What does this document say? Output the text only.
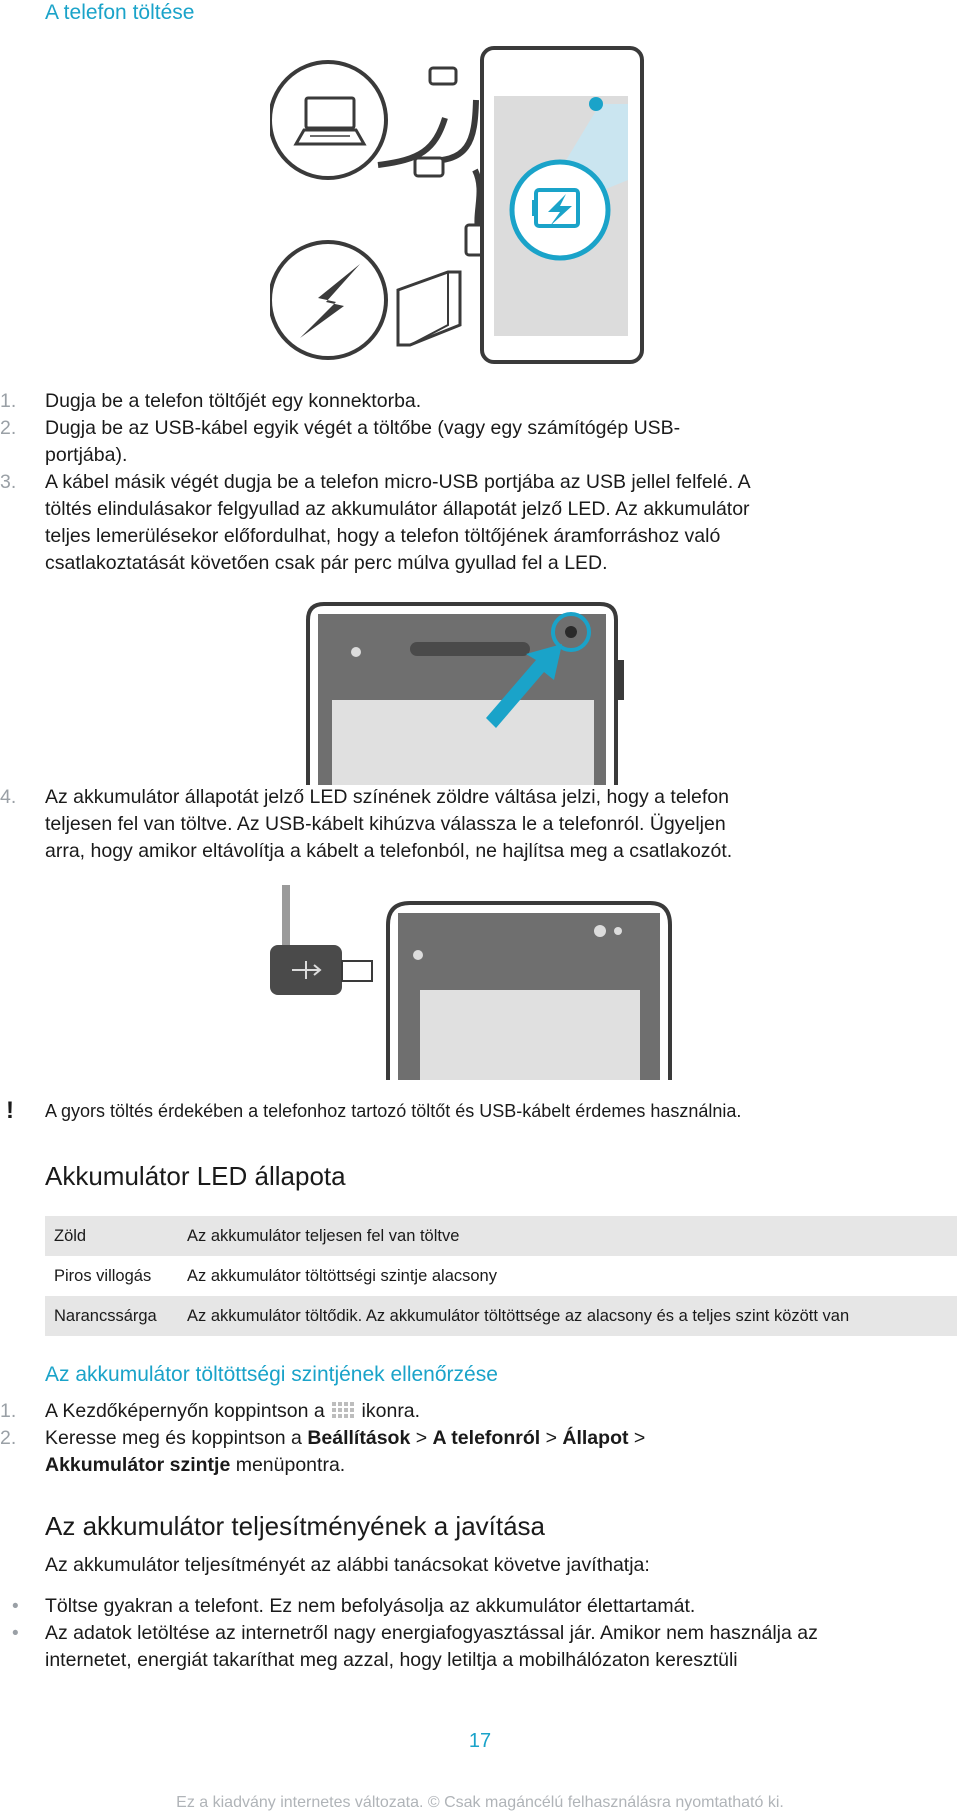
A telefon töltése
1.	Dugja be a telefon töltőjét egy konnektorba.
2.	Dugja be az USB-kábel egyik végét a töltőbe (vagy egy számítógép USB-
portjába).
3.	A kábel másik végét dugja be a telefon micro-USB portjába az USB jellel felfelé. A
töltés elindulásakor felgyullad az akkumulátor állapotát jelző LED. Az akkumulátor
teljes lemerülésekor előfordulhat, hogy a telefon töltőjének áramforráshoz való
csatlakoztatását követően csak pár perc múlva gyullad fel a LED.
4.	Az akkumulátor állapotát jelző LED színének zöldre váltása jelzi, hogy a telefon
teljesen fel van töltve. Az USB-kábelt kihúzva válassza le a telefonról. Ügyeljen
arra, hogy amikor eltávolítja a kábelt a telefonból, ne hajlítsa meg a csatlakozót.
! A gyors töltés érdekében a telefonhoz tartozó töltőt és USB-kábelt érdemes használnia.
Akkumulátor LED állapota
Zöld	Az akkumulátor teljesen fel van töltve
Piros villogás	Az akkumulátor töltöttségi szintje alacsony
Narancssárga	Az akkumulátor töltődik. Az akkumulátor töltöttsége az alacsony és a teljes szint között van
Az akkumulátor töltöttségi szintjének ellenőrzése
1.	A Kezdőképernyőn koppintson a  ikonra.
2.	Keresse meg és koppintson a Beállítások > A telefonról > Állapot >
Akkumulátor szintje menüpontra.
Az akkumulátor teljesítményének a javítása
Az akkumulátor teljesítményét az alábbi tanácsokat követve javíthatja:
• Töltse gyakran a telefont. Ez nem befolyásolja az akkumulátor élettartamát.
• Az adatok letöltése az internetről nagy energiafogyasztással jár. Amikor nem használja az
internetet, energiát takaríthat meg azzal, hogy letiltja a mobilhálózaton keresztüli
17
Ez a kiadvány internetes változata. © Csak magáncélú felhasználásra nyomtatható ki.
